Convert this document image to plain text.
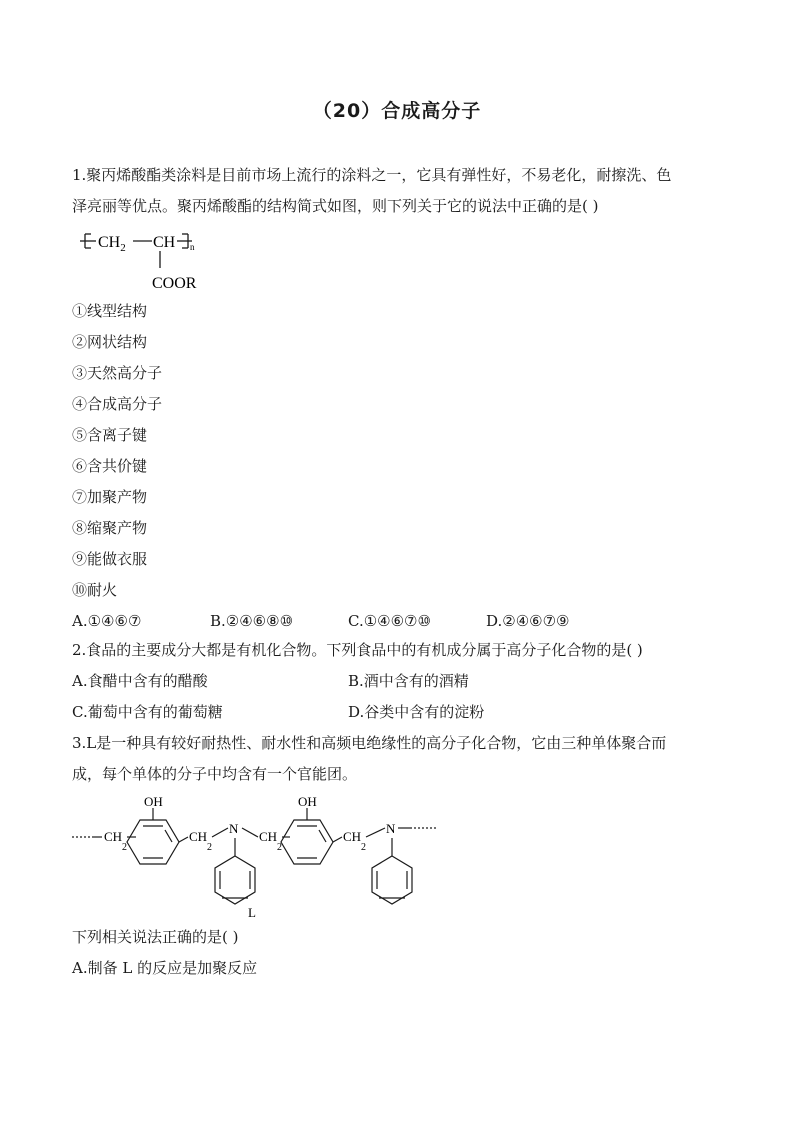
（20）合成高分子
1.聚丙烯酸酯类涂料是目前市场上流行的涂料之一，它具有弹性好，不易老化，耐擦洗、色
泽亮丽等优点。聚丙烯酸酯的结构简式如图，则下列关于它的说法中正确的是( )
$CH_2$ CH n
COOR
①线型结构
②网状结构
③天然高分子
④合成高分子
⑤含离子键
⑥含共价键
⑦加聚产物
⑧缩聚产物
⑨能做衣服
⑩耐火
A.①④⑥⑦	B.②④⑥⑧⑩	C.①④⑥⑦⑩	D.②④⑥⑦⑨
2.食品的主要成分大都是有机化合物。下列食品中的有机成分属于高分子化合物的是( )
A.食醋中含有的醋酸	B.酒中含有的酒精
C.葡萄中含有的葡萄糖	D.谷类中含有的淀粉
3.L是一种具有较好耐热性、耐水性和高频电绝缘性的高分子化合物，它由三种单体聚合而
成，每个单体的分子中均含有一个官能团。
OH	OH
CH
2
CH
2
N
CH
2
CH
2
N
L
下列相关说法正确的是( )
A.制备 L 的反应是加聚反应
